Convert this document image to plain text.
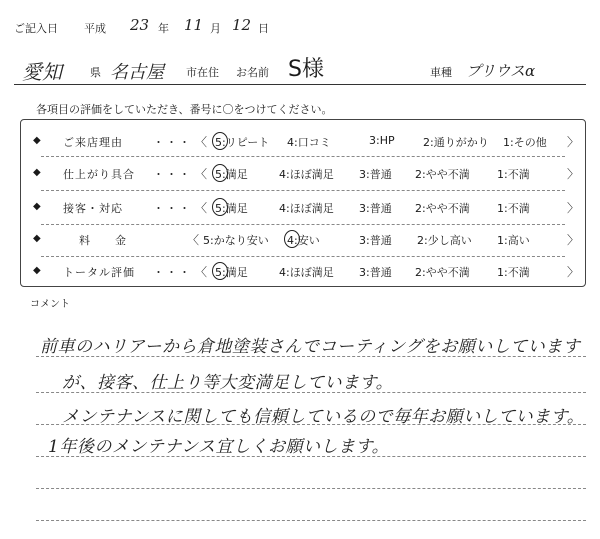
ご記入日 平成 23 年 11 月 12 日
愛知	県 名古屋 市在住 お名前 S様	車種 プリウスα
各項目の評価をしていただき、番号に〇をつけてください。
◆ ご来店理由	・・・ 〈 5:リピート 4:口コミ	3:HP	2:通りがかり 1:その他 〉
◆ 仕上がり具合 ・・・ 〈 5:満足	4:ほぼ満足 3:普通 2:やや不満 1:不満	〉
◆ 接客・対応	・・・ 〈 5:満足	4:ほぼ満足 3:普通 2:やや不満 1:不満	〉
◆	料　　金	〈 5:かなり安い 4:安い	3:普通 2:少し高い 1:高い	〉
◆ トータル評価 ・・・ 〈 5:満足	4:ほぼ満足 3:普通 2:やや不満 1:不満	〉
コメント
前車のハリアーから倉地塗装さんでコーティングをお願いしています
が、接客、仕上り等大変満足しています。
メンテナンスに関しても信頼しているので毎年お願いしています。
1年後のメンテナンス宜しくお願いします。
